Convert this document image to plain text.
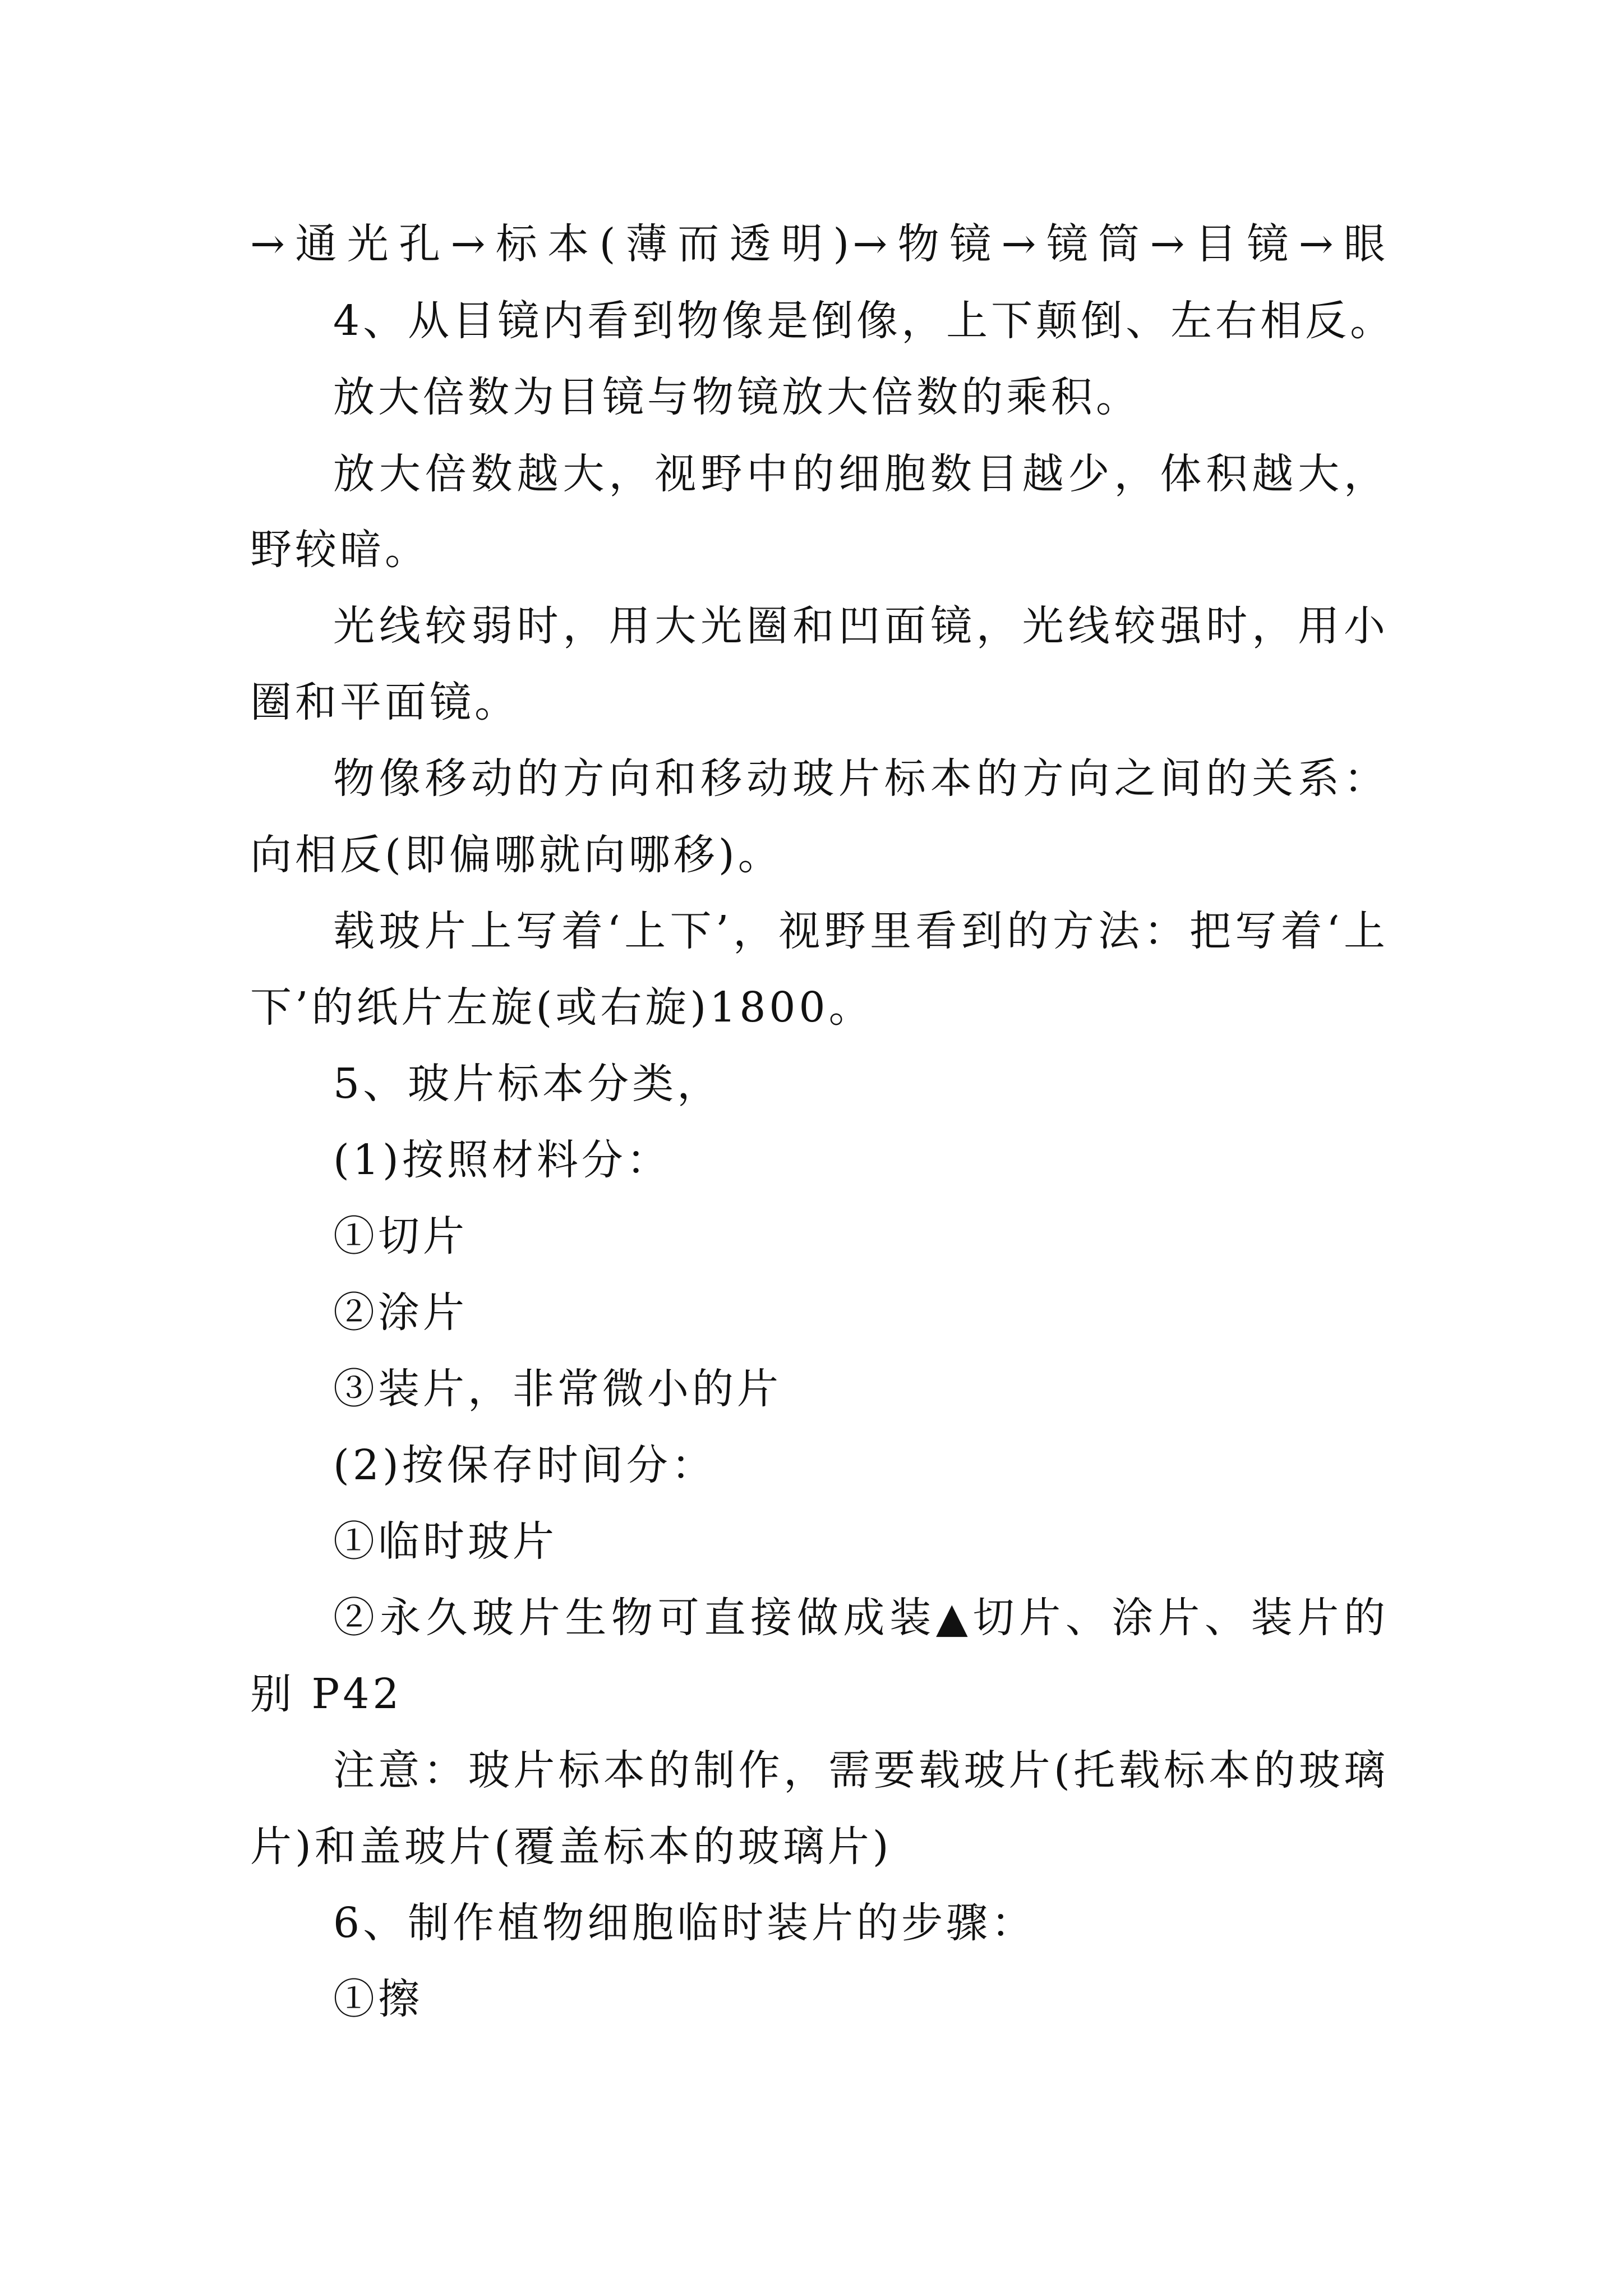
→通光孔→标本(薄而透明)→物镜→镜筒→目镜→眼
4、从目镜内看到物像是倒像，上下颠倒、左右相反。
放大倍数为目镜与物镜放大倍数的乘积。
放大倍数越大，视野中的细胞数目越少，体积越大，
野较暗。
光线较弱时，用大光圈和凹面镜，光线较强时，用小
圈和平面镜。
物像移动的方向和移动玻片标本的方向之间的关系：
向相反(即偏哪就向哪移)。
载玻片上写着‘上下’，视野里看到的方法：把写着‘上
下’的纸片左旋(或右旋)1800。
5、玻片标本分类，
(1)按照材料分：
①切片
②涂片
③装片，非常微小的片
(2)按保存时间分：
①临时玻片
②永久玻片生物可直接做成装▲切片、涂片、装片的
别 P42
注意：玻片标本的制作，需要载玻片(托载标本的玻璃
片)和盖玻片(覆盖标本的玻璃片)
6、制作植物细胞临时装片的步骤：
①擦
